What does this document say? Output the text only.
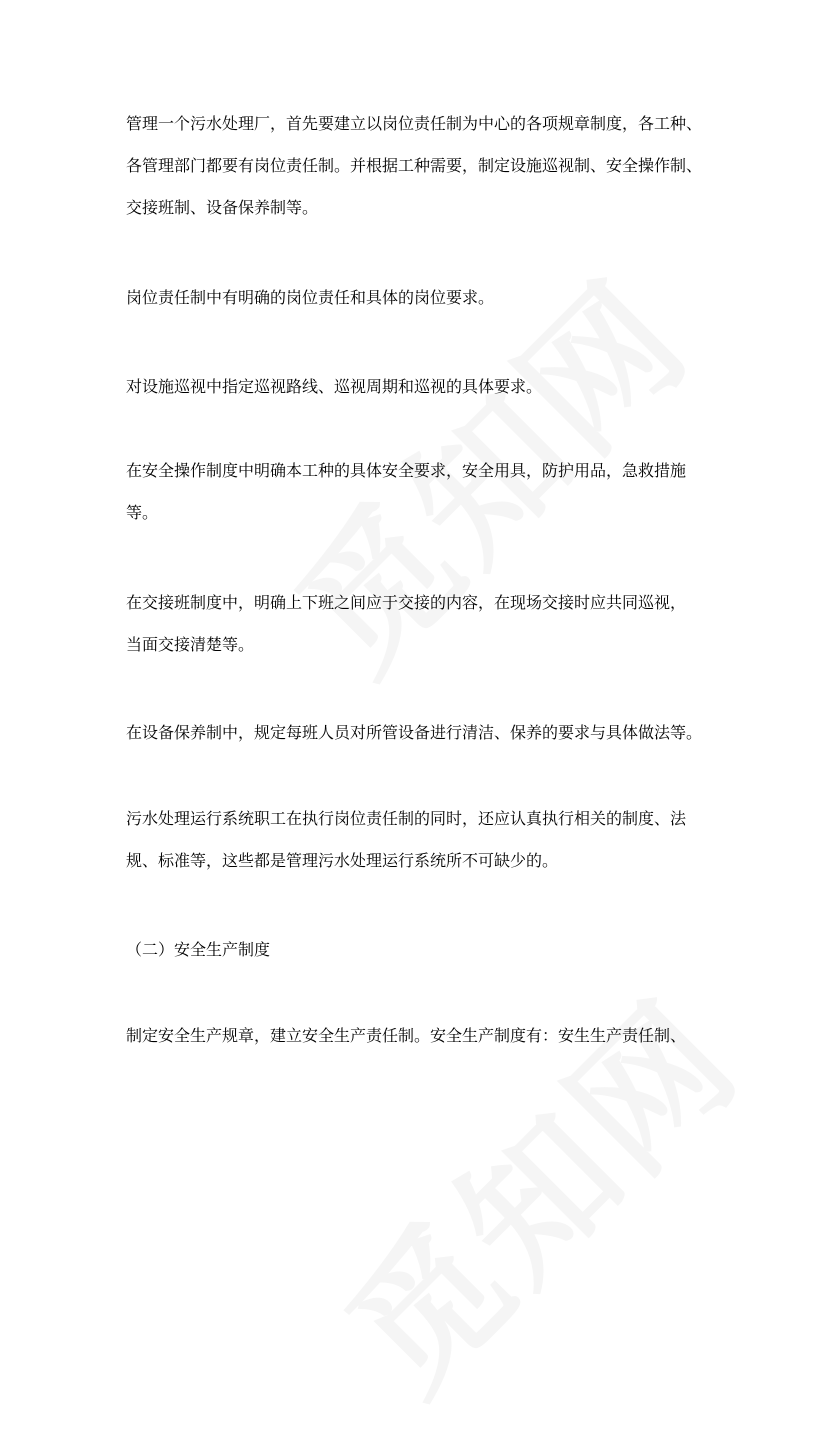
管理一个污水处理厂，首先要建立以岗位责任制为中心的各项规章制度，各工种、
各管理部门都要有岗位责任制。并根据工种需要，制定设施巡视制、安全操作制、
交接班制、设备保养制等。

岗位责任制中有明确的岗位责任和具体的岗位要求。

对设施巡视中指定巡视路线、巡视周期和巡视的具体要求。

在安全操作制度中明确本工种的具体安全要求，安全用具，防护用品，急救措施
等。

在交接班制度中，明确上下班之间应于交接的内容，在现场交接时应共同巡视，
当面交接清楚等。

在设备保养制中，规定每班人员对所管设备进行清洁、保养的要求与具体做法等。

污水处理运行系统职工在执行岗位责任制的同时，还应认真执行相关的制度、法
规、标准等，这些都是管理污水处理运行系统所不可缺少的。

（二）安全生产制度

制定安全生产规章，建立安全生产责任制。安全生产制度有：安生生产责任制、
